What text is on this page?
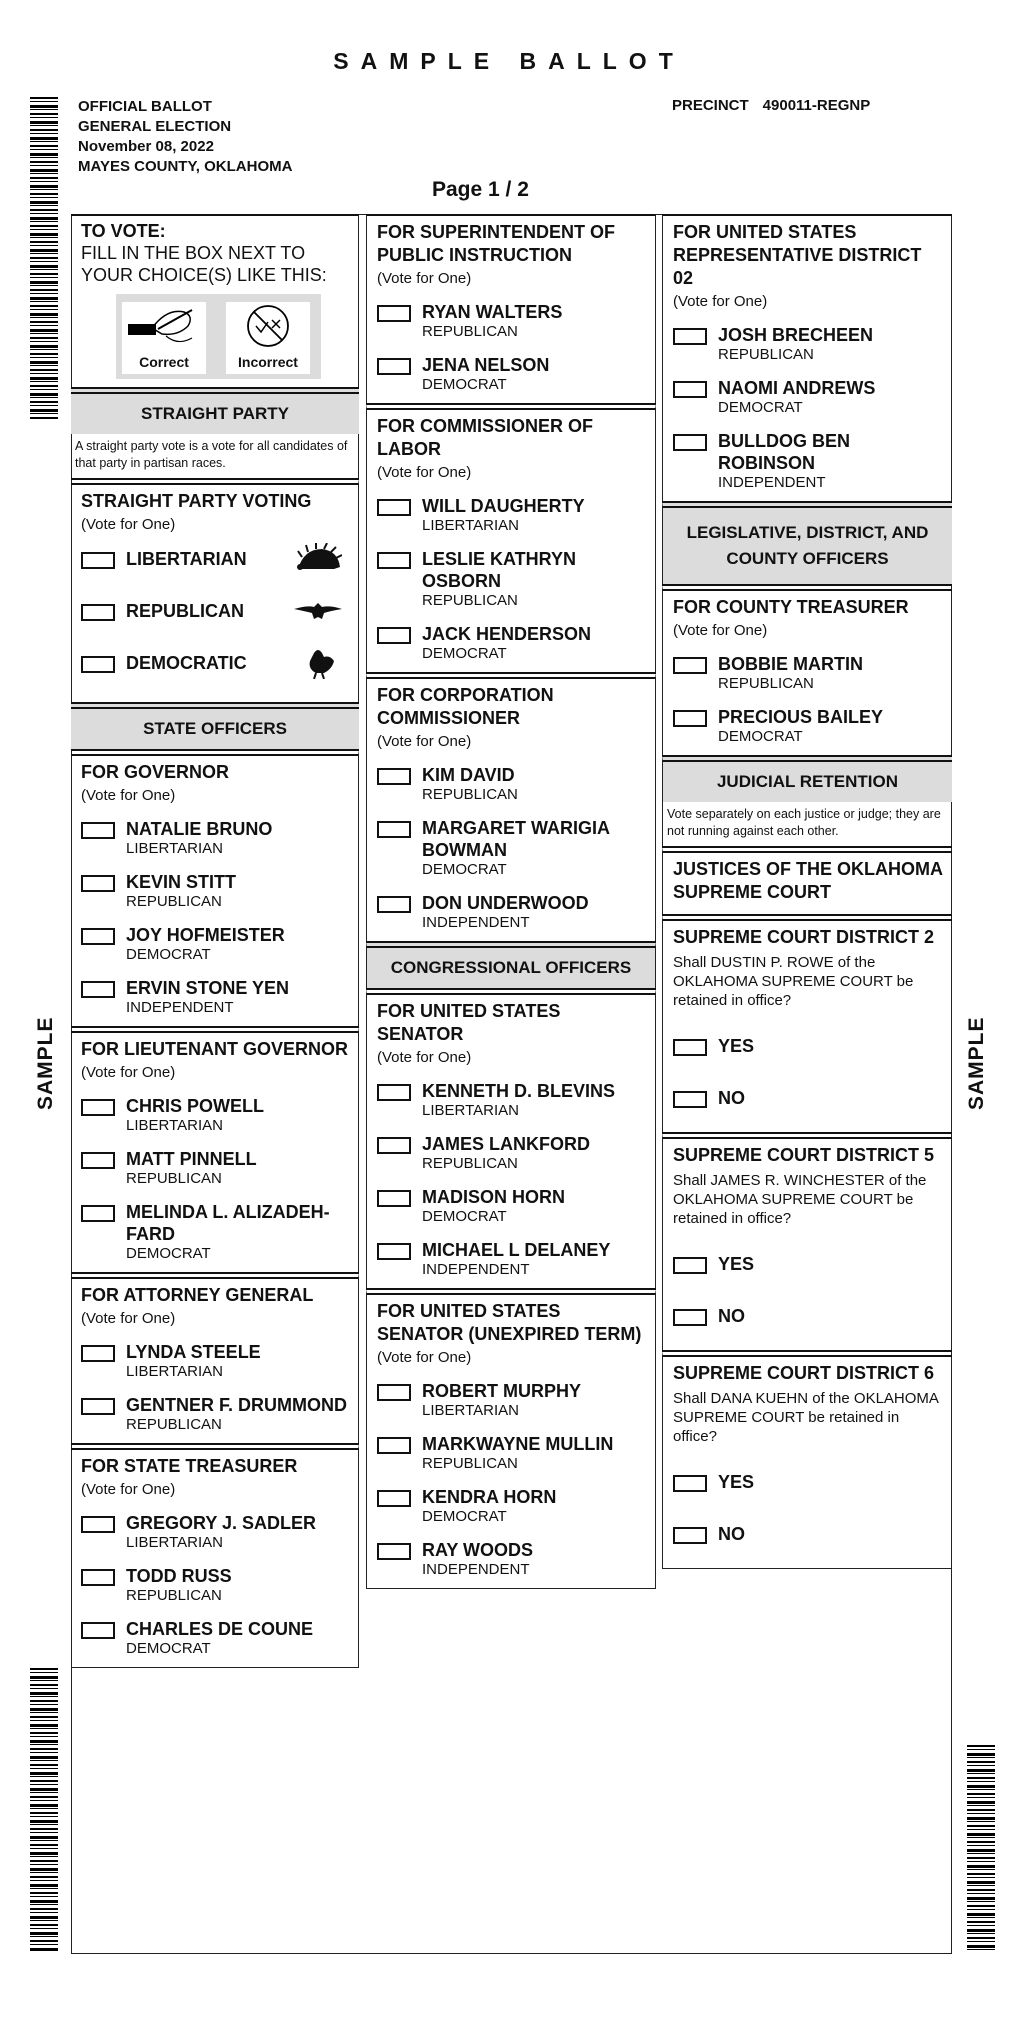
SAMPLE BALLOT
OFFICIAL BALLOT
GENERAL ELECTION
November 08, 2022
MAYES COUNTY, OKLAHOMA
PRECINCT 490011-REGNP
Page 1 / 2
SAMPLE	SAMPLE
TO VOTE:
FILL IN THE BOX NEXT TO YOUR CHOICE(S) LIKE THIS:
Correct	Incorrect
STRAIGHT PARTY
A straight party vote is a vote for all candidates of that party in partisan races.
STRAIGHT PARTY VOTING
(Vote for One)
LIBERTARIAN
REPUBLICAN
DEMOCRATIC
STATE OFFICERS
FOR GOVERNOR
(Vote for One)
NATALIE BRUNO
LIBERTARIAN
KEVIN STITT
REPUBLICAN
JOY HOFMEISTER
DEMOCRAT
ERVIN STONE YEN
INDEPENDENT
FOR LIEUTENANT GOVERNOR
(Vote for One)
CHRIS POWELL
LIBERTARIAN
MATT PINNELL
REPUBLICAN
MELINDA L. ALIZADEH-FARD
DEMOCRAT
FOR ATTORNEY GENERAL
(Vote for One)
LYNDA STEELE
LIBERTARIAN
GENTNER F. DRUMMOND
REPUBLICAN
FOR STATE TREASURER
(Vote for One)
GREGORY J. SADLER
LIBERTARIAN
TODD RUSS
REPUBLICAN
CHARLES DE COUNE
DEMOCRAT
FOR SUPERINTENDENT OF PUBLIC INSTRUCTION
(Vote for One)
RYAN WALTERS
REPUBLICAN
JENA NELSON
DEMOCRAT
FOR COMMISSIONER OF LABOR
(Vote for One)
WILL DAUGHERTY
LIBERTARIAN
LESLIE KATHRYN OSBORN
REPUBLICAN
JACK HENDERSON
DEMOCRAT
FOR CORPORATION COMMISSIONER
(Vote for One)
KIM DAVID
REPUBLICAN
MARGARET WARIGIA BOWMAN
DEMOCRAT
DON UNDERWOOD
INDEPENDENT
CONGRESSIONAL OFFICERS
FOR UNITED STATES SENATOR
(Vote for One)
KENNETH D. BLEVINS
LIBERTARIAN
JAMES LANKFORD
REPUBLICAN
MADISON HORN
DEMOCRAT
MICHAEL L DELANEY
INDEPENDENT
FOR UNITED STATES SENATOR (UNEXPIRED TERM)
(Vote for One)
ROBERT MURPHY
LIBERTARIAN
MARKWAYNE MULLIN
REPUBLICAN
KENDRA HORN
DEMOCRAT
RAY WOODS
INDEPENDENT
FOR UNITED STATES REPRESENTATIVE DISTRICT 02
(Vote for One)
JOSH BRECHEEN
REPUBLICAN
NAOMI ANDREWS
DEMOCRAT
BULLDOG BEN ROBINSON
INDEPENDENT
LEGISLATIVE, DISTRICT, AND COUNTY OFFICERS
FOR COUNTY TREASURER
(Vote for One)
BOBBIE MARTIN
REPUBLICAN
PRECIOUS BAILEY
DEMOCRAT
JUDICIAL RETENTION
Vote separately on each justice or judge; they are not running against each other.
JUSTICES OF THE OKLAHOMA SUPREME COURT
SUPREME COURT DISTRICT 2
Shall DUSTIN P. ROWE of the OKLAHOMA SUPREME COURT be retained in office?
YES
NO
SUPREME COURT DISTRICT 5
Shall JAMES R. WINCHESTER of the OKLAHOMA SUPREME COURT be retained in office?
YES
NO
SUPREME COURT DISTRICT 6
Shall DANA KUEHN of the OKLAHOMA SUPREME COURT be retained in office?
YES
NO
